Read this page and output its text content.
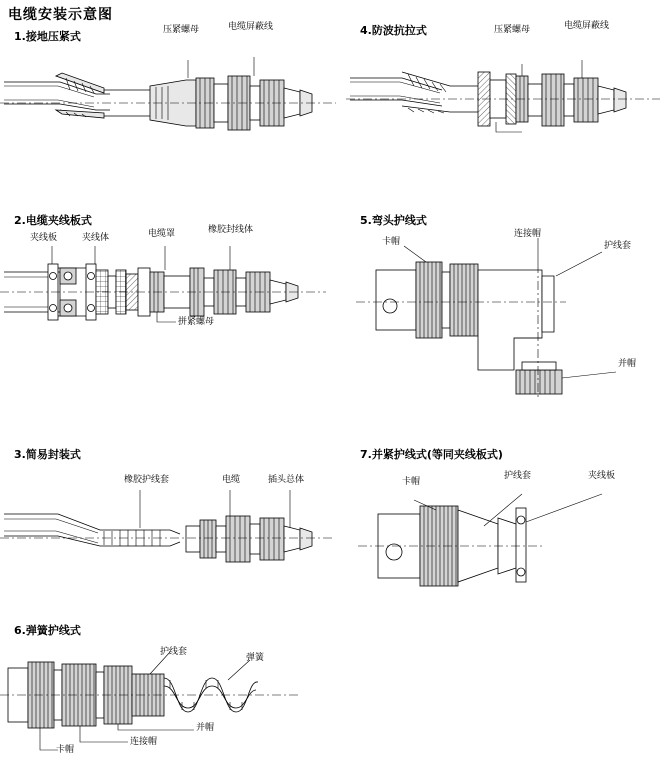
电缆安装示意图
1.接地压紧式	压紧螺母	电缆屏蔽线	4.防波抗拉式	压紧螺母	电缆屏蔽线
2.电缆夹线板式
夹线板	夹线体	电缆罩	橡胶封线体
拼紧螺母
5.弯头护线式
卡帽
连接帽
护线套
并帽
3.简易封装式
橡胶护线套	电缆	插头总体
7.并紧护线式(等同夹线板式)
卡帽
护线套	夹线板
6.弹簧护线式
护线套
弹簧
并帽
连接帽
卡帽
